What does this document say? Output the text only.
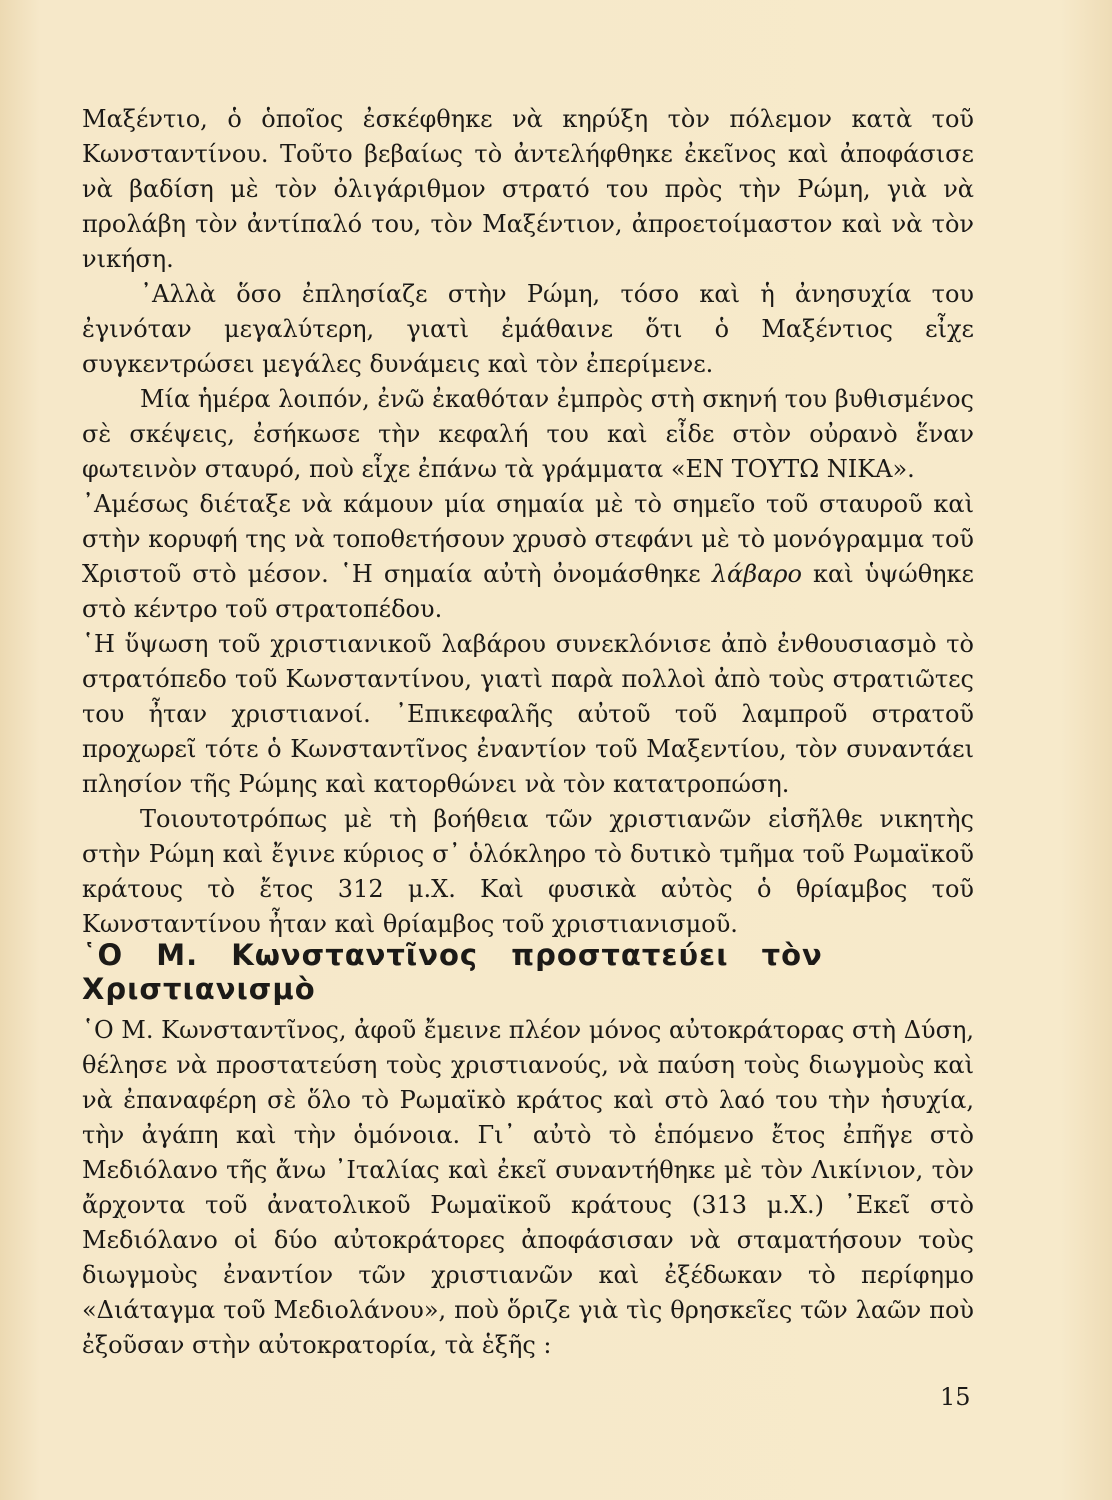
Μαξέντιο, ὁ ὁποῖος ἐσκέφθηκε νὰ κηρύξη τὸν πόλεμον κατὰ τοῦ Κωνσταντίνου. Τοῦτο βεβαίως τὸ ἀντελήφθηκε ἐκεῖνος καὶ ἀποφάσισε νὰ βαδίση μὲ τὸν ὀλιγάριθμον στρατό του πρὸς τὴν Ρώμη, γιὰ νὰ προλάβη τὸν ἀντίπαλό του, τὸν Μαξέντιον, ἀπροετοίμαστον καὶ νὰ τὸν νικήση.

᾿Αλλὰ ὅσο ἐπλησίαζε στὴν Ρώμη, τόσο καὶ ἡ ἀνησυχία του ἐγινόταν μεγαλύτερη, γιατὶ ἐμάθαινε ὅτι ὁ Μαξέντιος εἶχε συγκεντρώσει μεγάλες δυνάμεις καὶ τὸν ἐπερίμενε.

Μία ἡμέρα λοιπόν, ἐνῶ ἐκαθόταν ἐμπρὸς στὴ σκηνή του βυθισμένος σὲ σκέψεις, ἐσήκωσε τὴν κεφαλή του καὶ εἶδε στὸν οὐρανὸ ἕναν φωτεινὸν σταυρό, ποὺ εἶχε ἐπάνω τὰ γράμματα «ΕΝ ΤΟΥΤΩ ΝΙΚΑ».

᾿Αμέσως διέταξε νὰ κάμουν μία σημαία μὲ τὸ σημεῖο τοῦ σταυροῦ καὶ στὴν κορυφή της νὰ τοποθετήσουν χρυσὸ στεφάνι μὲ τὸ μονόγραμμα τοῦ Χριστοῦ στὸ μέσον. ῾Η σημαία αὐτὴ ὀνομάσθηκε λάβαρο καὶ ὑψώθηκε στὸ κέντρο τοῦ στρατοπέδου.

῾Η ὕψωση τοῦ χριστιανικοῦ λαβάρου συνεκλόνισε ἀπὸ ἐνθουσιασμὸ τὸ στρατόπεδο τοῦ Κωνσταντίνου, γιατὶ παρὰ πολλοὶ ἀπὸ τοὺς στρατιῶτες του ἦταν χριστιανοί. ᾿Επικεφαλῆς αὐτοῦ τοῦ λαμπροῦ στρατοῦ προχωρεῖ τότε ὁ Κωνσταντῖνος ἐναντίον τοῦ Μαξεντίου, τὸν συναντάει πλησίον τῆς Ρώμης καὶ κατορθώνει νὰ τὸν κατατροπώση.

Τοιουτοτρόπως μὲ τὴ βοήθεια τῶν χριστιανῶν εἰσῆλθε νικητὴς στὴν Ρώμη καὶ ἔγινε κύριος σ᾿ ὁλόκληρο τὸ δυτικὸ τμῆμα τοῦ Ρωμαϊκοῦ κράτους τὸ ἔτος 312 μ.Χ. Καὶ φυσικὰ αὐτὸς ὁ θρίαμβος τοῦ Κωνσταντίνου ἦταν καὶ θρίαμβος τοῦ χριστιανισμοῦ.

῾Ο Μ. Κωνσταντῖνος προστατεύει τὸν Χριστιανισμὸ

῾Ο Μ. Κωνσταντῖνος, ἀφοῦ ἔμεινε πλέον μόνος αὐτοκράτορας στὴ Δύση, θέλησε νὰ προστατεύση τοὺς χριστιανούς, νὰ παύση τοὺς διωγμοὺς καὶ νὰ ἐπαναφέρη σὲ ὅλο τὸ Ρωμαϊκὸ κράτος καὶ στὸ λαό του τὴν ἡσυχία, τὴν ἀγάπη καὶ τὴν ὁμόνοια. Γι᾿ αὐτὸ τὸ ἑπόμενο ἔτος ἐπῆγε στὸ Μεδιόλανο τῆς ἄνω ᾿Ιταλίας καὶ ἐκεῖ συναντήθηκε μὲ τὸν Λικίνιον, τὸν ἄρχοντα τοῦ ἀνατολικοῦ Ρωμαϊκοῦ κράτους (313 μ.Χ.) ᾿Εκεῖ στὸ Μεδιόλανο οἱ δύο αὐτοκράτορες ἀποφάσισαν νὰ σταματήσουν τοὺς διωγμοὺς ἐναντίον τῶν χριστιανῶν καὶ ἐξέδωκαν τὸ περίφημο «Διάταγμα τοῦ Μεδιολάνου», ποὺ ὅριζε γιὰ τὶς θρησκεῖες τῶν λαῶν ποὺ ἐξοῦσαν στὴν αὐτοκρατορία, τὰ ἑξῆς :

15
